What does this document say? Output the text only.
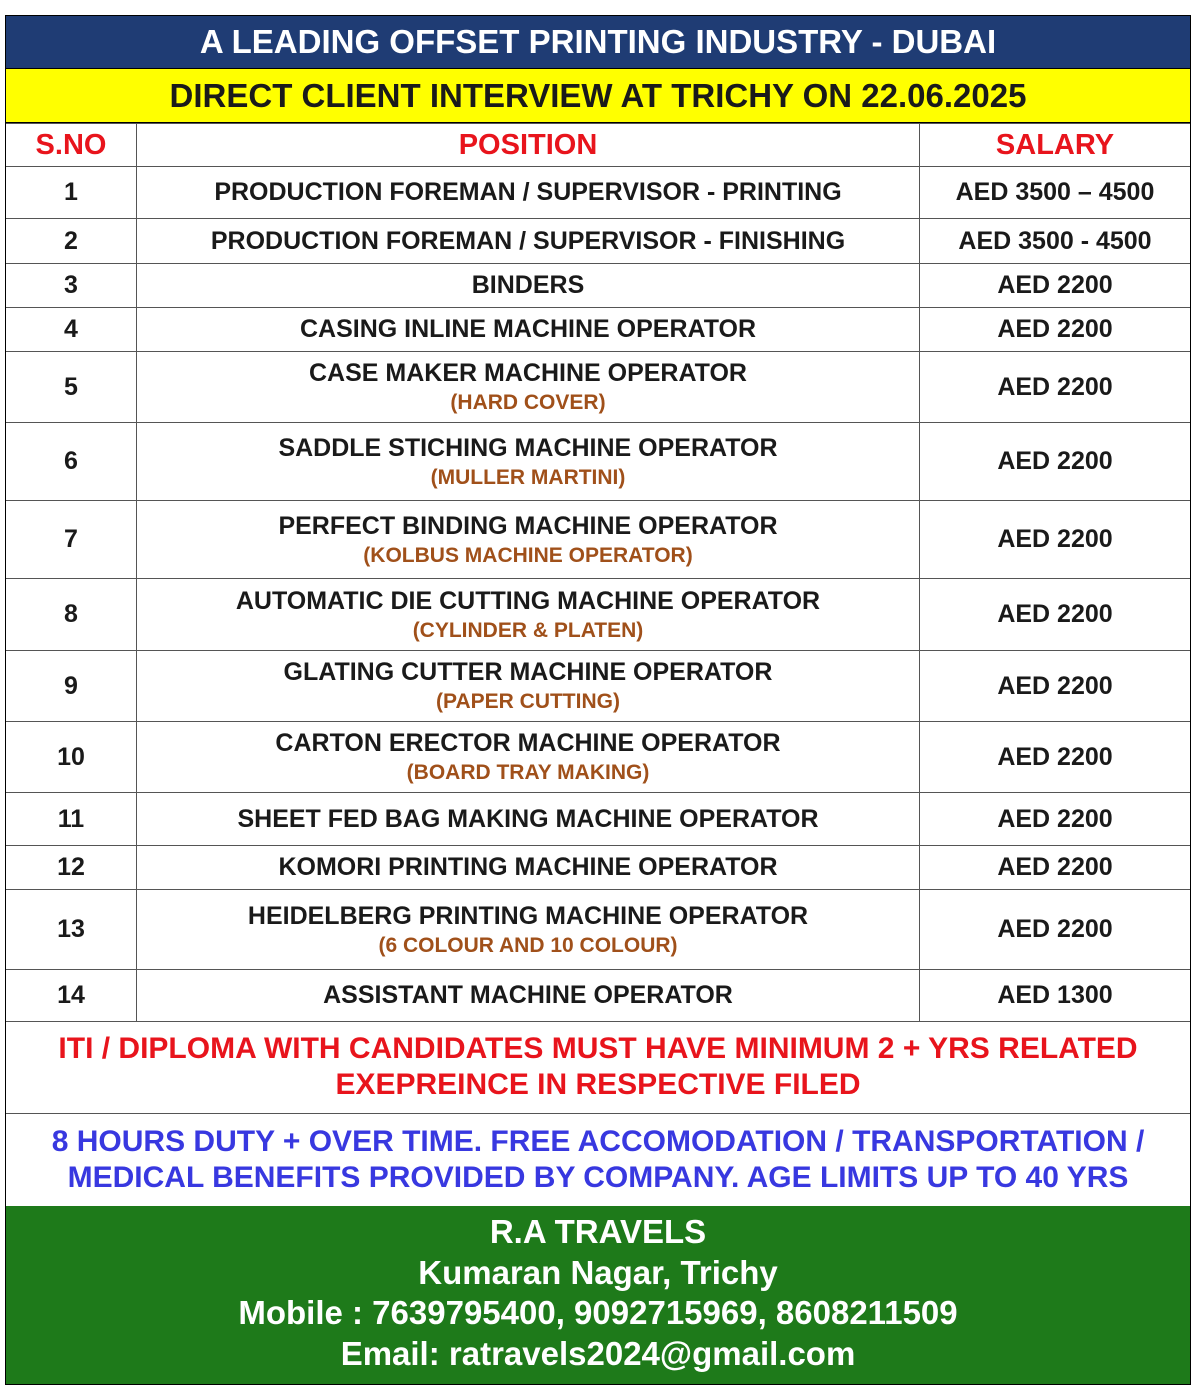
A LEADING OFFSET PRINTING INDUSTRY - DUBAI
DIRECT CLIENT INTERVIEW AT TRICHY ON 22.06.2025
S.NO	POSITION	SALARY
1	PRODUCTION FOREMAN / SUPERVISOR - PRINTING	AED 3500 – 4500
2	PRODUCTION FOREMAN / SUPERVISOR - FINISHING	AED 3500 - 4500
3	BINDERS	AED 2200
4	CASING INLINE MACHINE OPERATOR	AED 2200
5	CASE MAKER MACHINE OPERATOR
(HARD COVER)	AED 2200
6	SADDLE STICHING MACHINE OPERATOR
(MULLER MARTINI)	AED 2200
7	PERFECT BINDING MACHINE OPERATOR
(KOLBUS MACHINE OPERATOR)	AED 2200
8	AUTOMATIC DIE CUTTING MACHINE OPERATOR
(CYLINDER & PLATEN)	AED 2200
9	GLATING CUTTER MACHINE OPERATOR
(PAPER CUTTING)	AED 2200
10	CARTON ERECTOR MACHINE OPERATOR
(BOARD TRAY MAKING)	AED 2200
11	SHEET FED BAG MAKING MACHINE OPERATOR	AED 2200
12	KOMORI PRINTING MACHINE OPERATOR	AED 2200
13	HEIDELBERG PRINTING MACHINE OPERATOR
(6 COLOUR AND 10 COLOUR)	AED 2200
14	ASSISTANT MACHINE OPERATOR	AED 1300
ITI / DIPLOMA WITH CANDIDATES MUST HAVE MINIMUM 2 + YRS RELATED
EXEPREINCE IN RESPECTIVE FILED
8 HOURS DUTY + OVER TIME. FREE ACCOMODATION / TRANSPORTATION /
MEDICAL BENEFITS PROVIDED BY COMPANY. AGE LIMITS UP TO 40 YRS
R.A TRAVELS
Kumaran Nagar, Trichy
Mobile : 7639795400, 9092715969, 8608211509
Email: ratravels2024@gmail.com
